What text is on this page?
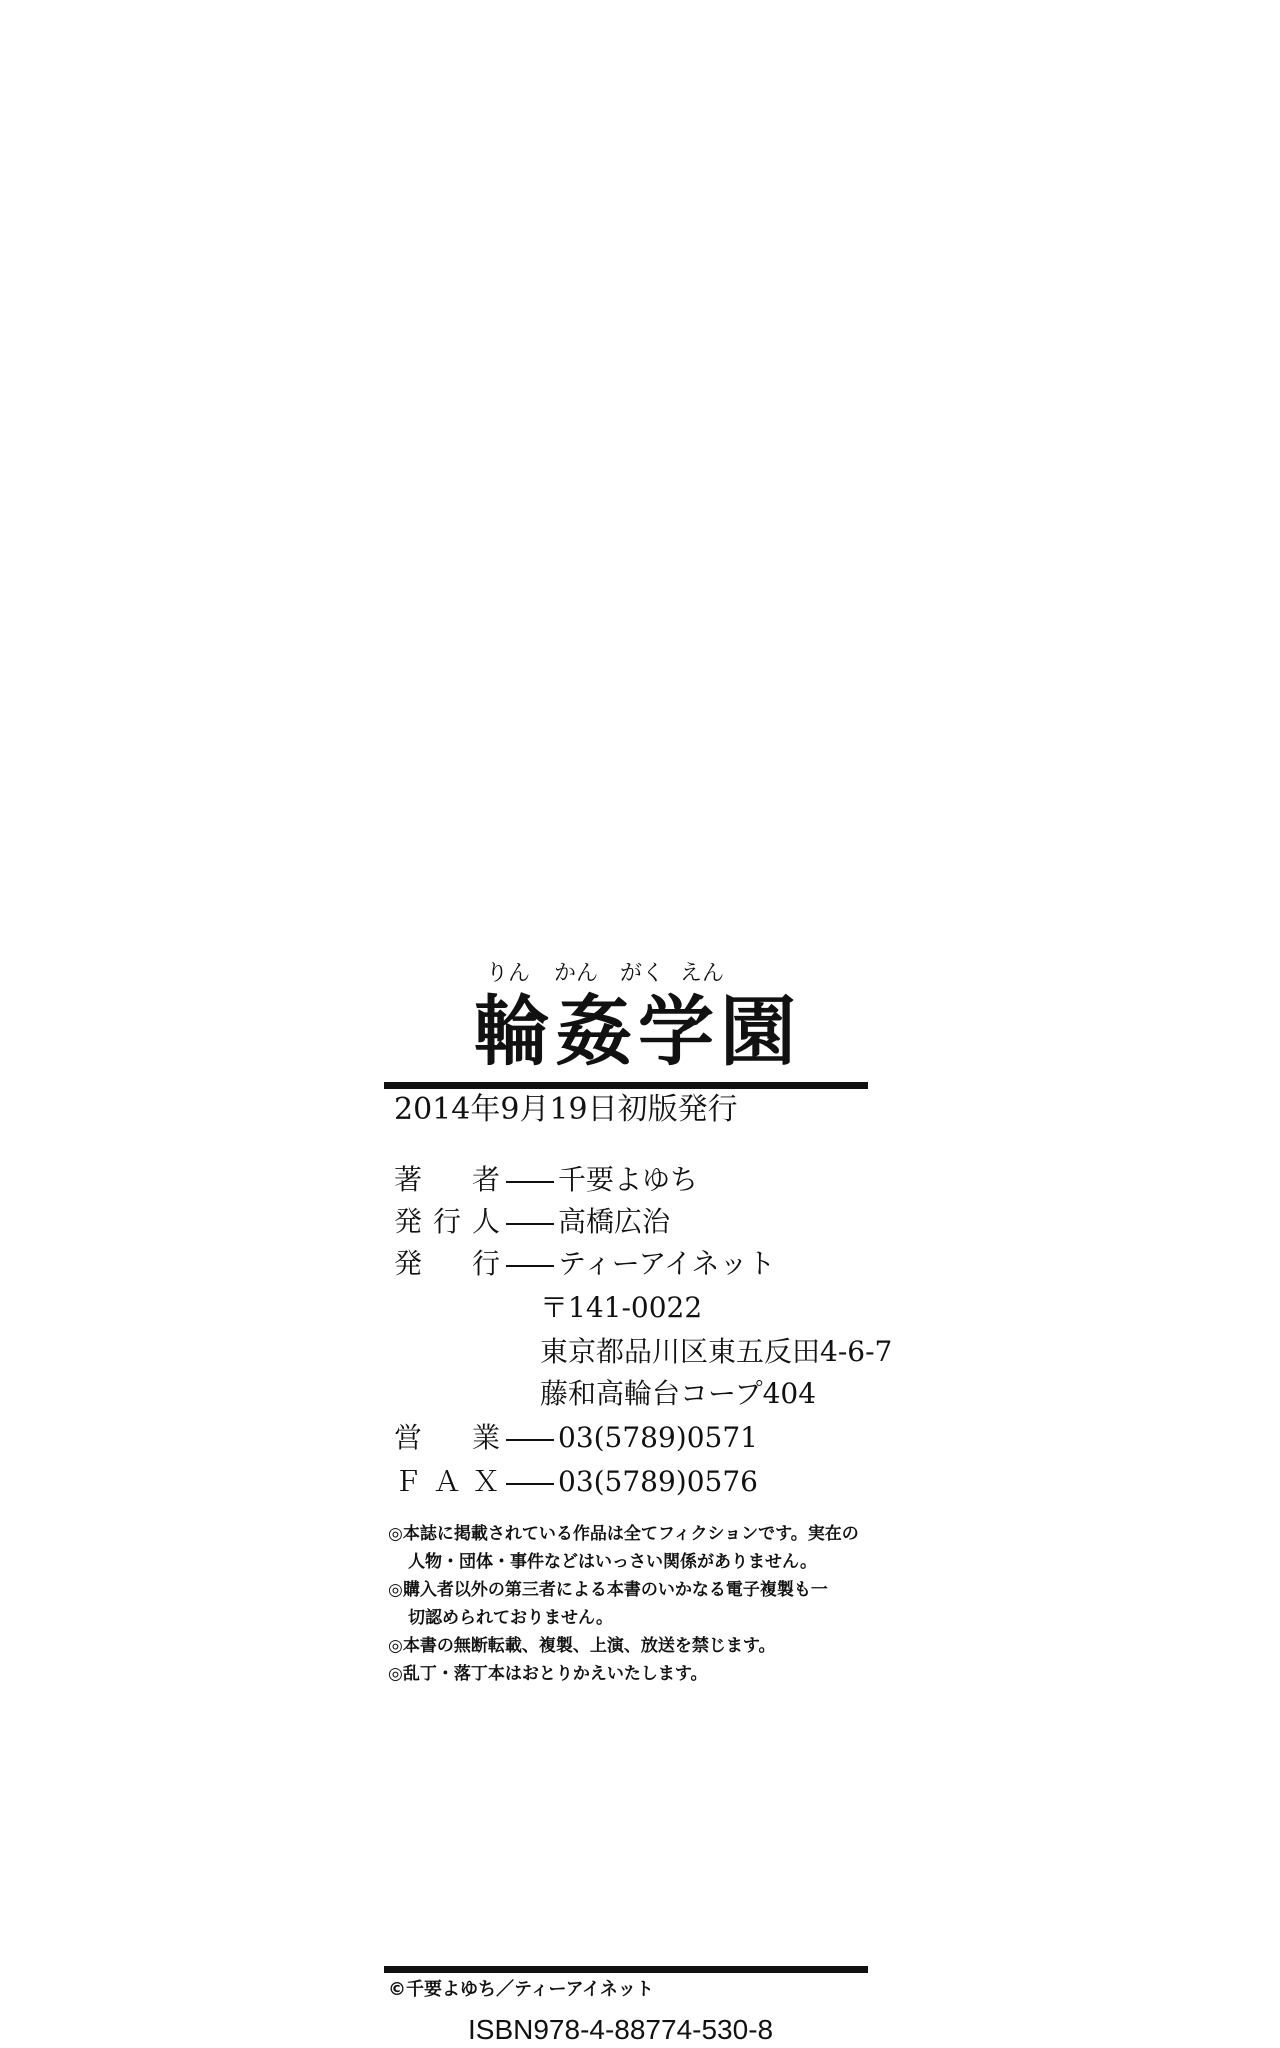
りん かん がく えん
輪姦学園
2014年9月19日初版発行
著者 千要よゆち
発行人 高橋広治
発行 ティーアイネット
〒141-0022
東京都品川区東五反田4-6-7
藤和高輪台コープ404
営業 03(5789)0571
ＦＡＸ 03(5789)0576
◎本誌に掲載されている作品は全てフィクションです。実在の
人物・団体・事件などはいっさい関係がありません。
◎購入者以外の第三者による本書のいかなる電子複製も一
切認められておりません。
◎本書の無断転載、複製、上演、放送を禁じます。
◎乱丁・落丁本はおとりかえいたします。
©千要よゆち／ティーアイネット
ISBN978-4-88774-530-8
